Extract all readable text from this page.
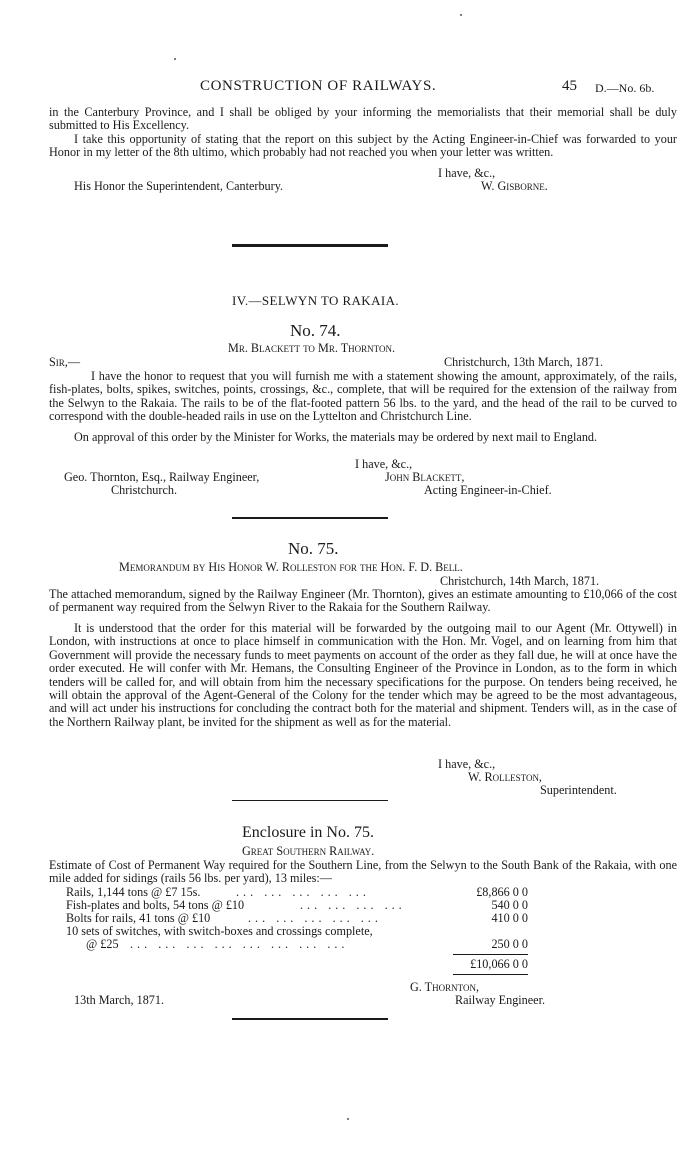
CONSTRUCTION OF RAILWAYS.	45 D.—No. 6b.
in the Canterbury Province, and I shall be obliged by your informing the memorialists that their memorial shall be duly submitted to His Excellency.
I take this opportunity of stating that the report on this subject by the Acting Engineer-in-Chief was forwarded to your Honor in my letter of the 8th ultimo, which probably had not reached you when your letter was written.
I have, &c.,
His Honor the Superintendent, Canterbury.	W. Gisborne.
IV.—SELWYN TO RAKAIA.
No. 74.
Mr. Blackett to Mr. Thornton.
Sir,—	Christchurch, 13th March, 1871.
I have the honor to request that you will furnish me with a statement showing the amount, approximately, of the rails, fish-plates, bolts, spikes, switches, points, crossings, &c., complete, that will be required for the extension of the railway from the Selwyn to the Rakaia. The rails to be of the flat-footed pattern 56 lbs. to the yard, and the head of the rail to be curved to correspond with the double-headed rails in use on the Lyttelton and Christchurch Line.
On approval of this order by the Minister for Works, the materials may be ordered by next mail to England.
I have, &c.,
Geo. Thornton, Esq., Railway Engineer,	John Blackett,
Christchurch.	Acting Engineer-in-Chief.
No. 75.
Memorandum by His Honor W. Rolleston for the Hon. F. D. Bell.
Christchurch, 14th March, 1871.
The attached memorandum, signed by the Railway Engineer (Mr. Thornton), gives an estimate amounting to £10,066 of the cost of permanent way required from the Selwyn River to the Rakaia for the Southern Railway.
It is understood that the order for this material will be forwarded by the outgoing mail to our Agent (Mr. Ottywell) in London, with instructions at once to place himself in communication with the Hon. Mr. Vogel, and on learning from him that Government will provide the necessary funds to meet payments on account of the order as they fall due, he will at once have the order executed. He will confer with Mr. Hemans, the Consulting Engineer of the Province in London, as to the form in which tenders will be called for, and will obtain from him the necessary specifications for the purpose. On tenders being received, he will obtain the approval of the Agent-General of the Colony for the tender which may be agreed to be the most advantageous, and will act under his instructions for concluding the contract both for the material and shipment. Tenders will, as in the case of the Northern Railway plant, be invited for the shipment as well as for the material.
I have, &c.,
W. Rolleston,
Superintendent.
Enclosure in No. 75.
Great Southern Railway.
Estimate of Cost of Permanent Way required for the Southern Line, from the Selwyn to the South Bank of the Rakaia, with one mile added for sidings (rails 56 lbs. per yard), 13 miles:—
Rails, 1,144 tons @ £7 15s.	... ... ... ... ...	£8,866 0 0
Fish-plates and bolts, 54 tons @ £10	... ... ... ...	540 0 0
Bolts for rails, 41 tons @ £10	... ... ... ... ...	410 0 0
10 sets of switches, with switch-boxes and crossings complete,
@ £25 ... ... ... ... ... ... ... ...	250 0 0
£10,066 0 0
G. Thornton,
13th March, 1871.	Railway Engineer.
